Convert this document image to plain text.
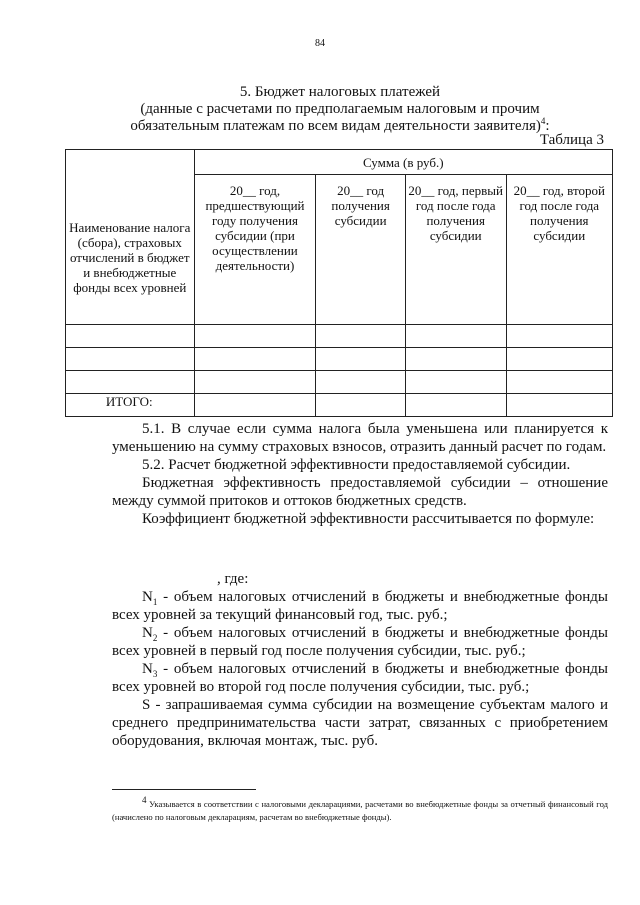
84
5. Бюджет налоговых платежей
(данные с расчетами по предполагаемым налоговым и прочим
обязательным платежам по всем видам деятельности заявителя)$^4$:
Таблица 3
Наименование налога (сбора), страховых отчислений в бюджет и внебюджетные фонды всех уровней	Сумма (в руб.)			
	20__ год, предшествующий году получения субсидии (при осуществлении деятельности)	20__ год получения субсидии	20__ год, первый год после года получения субсидии	20__ год, второй год после года получения субсидии

ИТОГО:				

5.1. В случае если сумма налога была уменьшена или планируется к уменьшению на сумму страховых взносов, отразить данный расчет по годам.

5.2. Расчет бюджетной эффективности предоставляемой субсидии.

Бюджетная эффективность предоставляемой субсидии – отношение между суммой притоков и оттоков бюджетных средств.

Коэффициент бюджетной эффективности рассчитывается по формуле:

, где:

$N_1$ - объем налоговых отчислений в бюджеты и внебюджетные фонды всех уровней за текущий финансовый год, тыс. руб.;

$N_2$ - объем налоговых отчислений в бюджеты и внебюджетные фонды всех уровней в первый год после получения субсидии, тыс. руб.;

$N_3$ - объем налоговых отчислений в бюджеты и внебюджетные фонды всех уровней во второй год после получения субсидии, тыс. руб.;

S - запрашиваемая сумма субсидии на возмещение субъектам малого и среднего предпринимательства части затрат, связанных с приобретением оборудования, включая монтаж, тыс. руб.

$^4$ Указывается в соответствии с налоговыми декларациями, расчетами во внебюджетные фонды за отчетный финансовый год (начислено по налоговым декларациям, расчетам во внебюджетные фонды).
